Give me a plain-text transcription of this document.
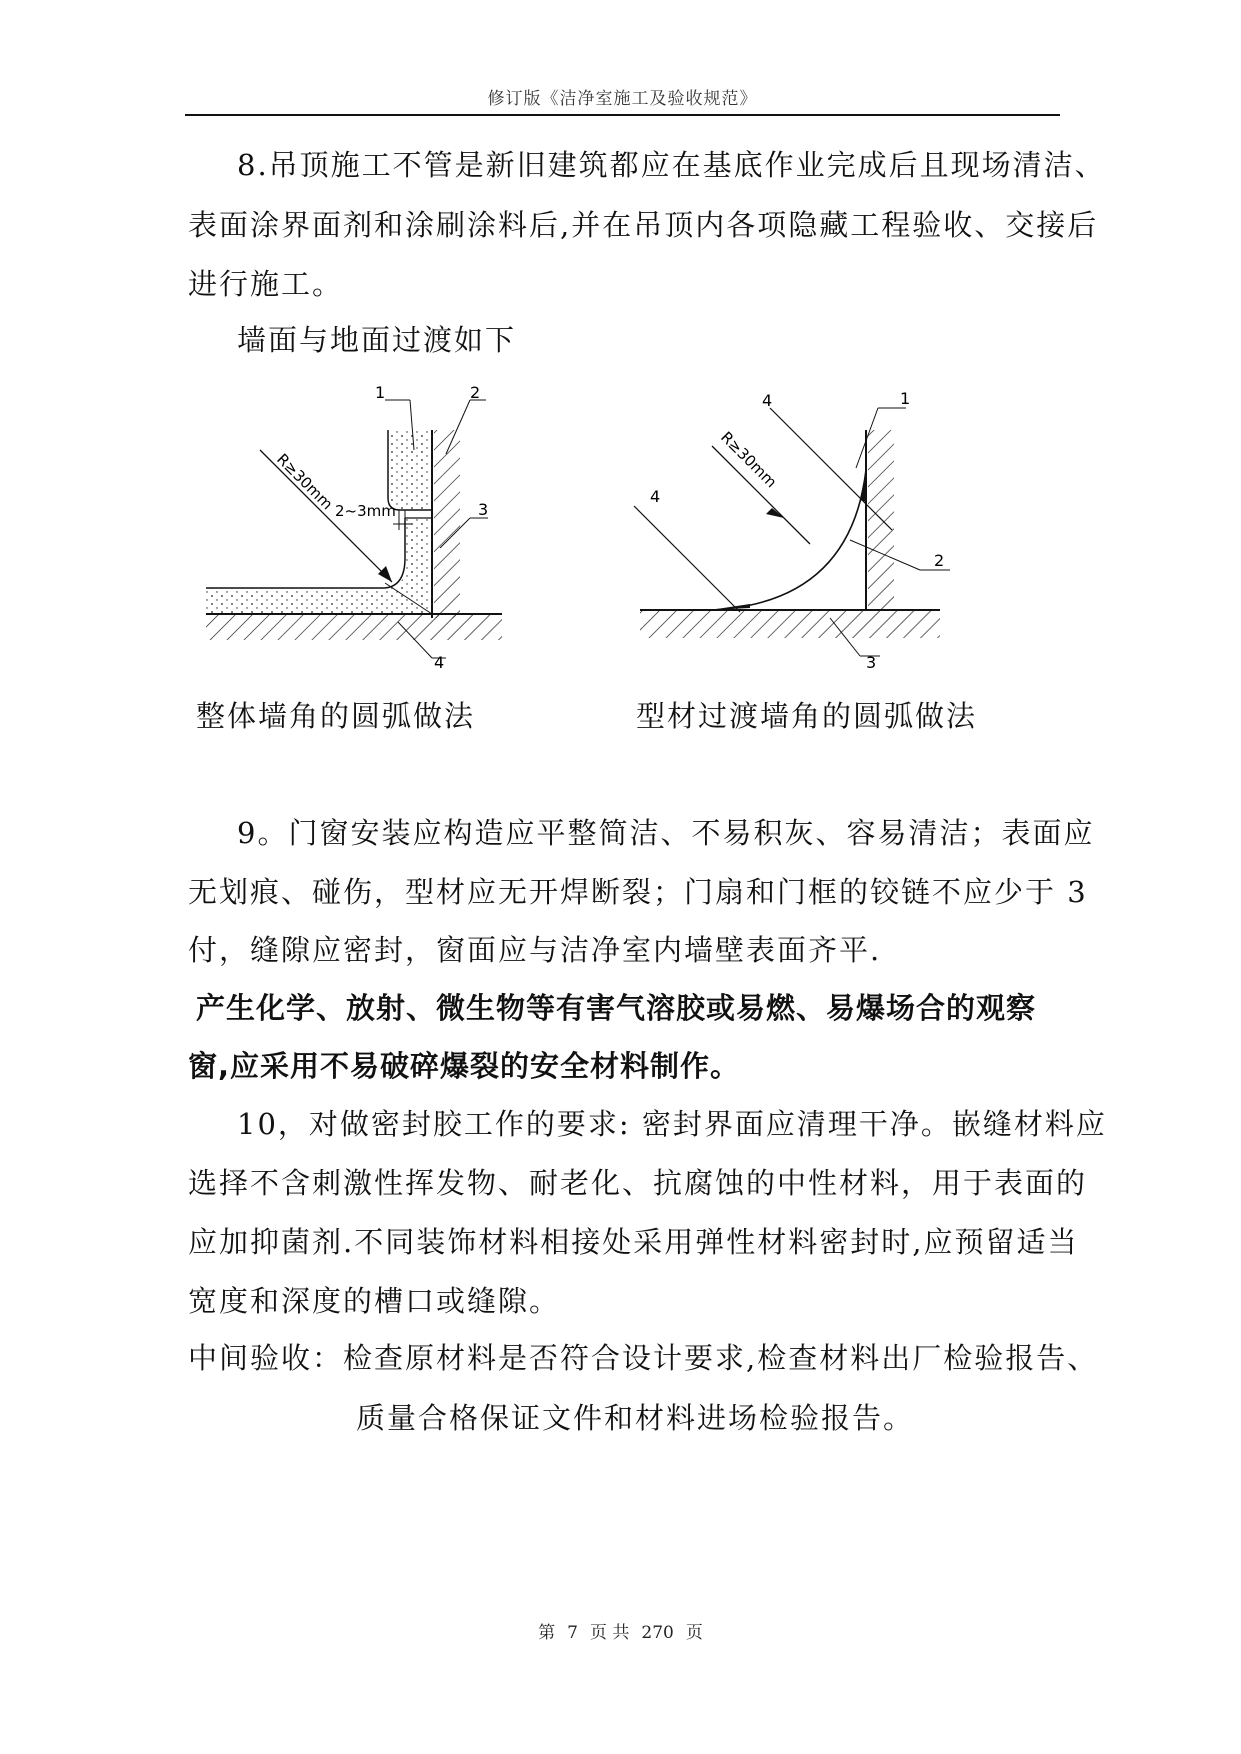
修订版《洁净室施工及验收规范》
8.吊顶施工不管是新旧建筑都应在基底作业完成后且现场清洁、
表面涂界面剂和涂刷涂料后,并在吊顶内各项隐藏工程验收、交接后
进行施工。
墙面与地面过渡如下
1	2
3
4
R≥30mm
2~3mm
整体墙角的圆弧做法
1
2
3
4
4
R≥30mm
型材过渡墙角的圆弧做法
9。门窗安装应构造应平整简洁、不易积灰、容易清洁；表面应
无划痕、碰伤，型材应无开焊断裂；门扇和门框的铰链不应少于 3
付，缝隙应密封，窗面应与洁净室内墙壁表面齐平.
产生化学、放射、微生物等有害气溶胶或易燃、易爆场合的观察
窗,应采用不易破碎爆裂的安全材料制作。
10，对做密封胶工作的要求: 密封界面应清理干净。嵌缝材料应
选择不含刺激性挥发物、耐老化、抗腐蚀的中性材料，用于表面的
应加抑菌剂.不同装饰材料相接处采用弹性材料密封时,应预留适当
宽度和深度的槽口或缝隙。
中间验收：检查原材料是否符合设计要求,检查材料出厂检验报告、
质量合格保证文件和材料进场检验报告。
第 7 页 共 270 页
